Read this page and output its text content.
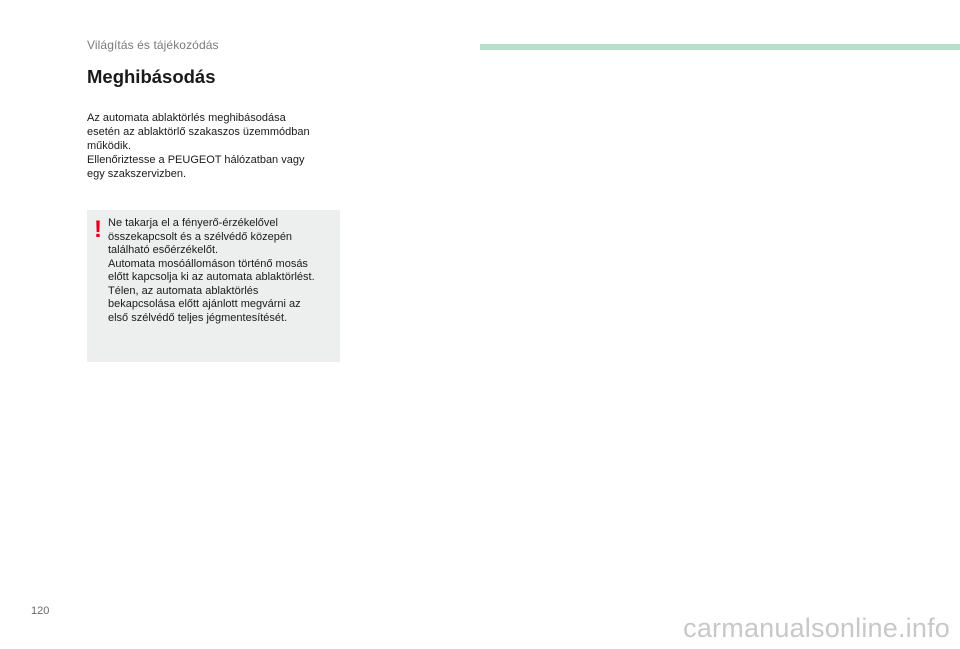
Világítás és tájékozódás
Meghibásodás

Az automata ablaktörlés meghibásodása

esetén az ablaktörlő szakaszos üzemmódban

működik.

Ellenőriztesse a PEUGEOT hálózatban vagy

egy szakszervizben.

! Ne takarja el a fényerő-érzékelővel

összekapcsolt és a szélvédő közepén

található esőérzékelőt.

Automata mosóállomáson történő mosás

előtt kapcsolja ki az automata ablaktörlést.

Télen, az automata ablaktörlés

bekapcsolása előtt ajánlott megvárni az

első szélvédő teljes jégmentesítését.

120
carmanualsonline.info
